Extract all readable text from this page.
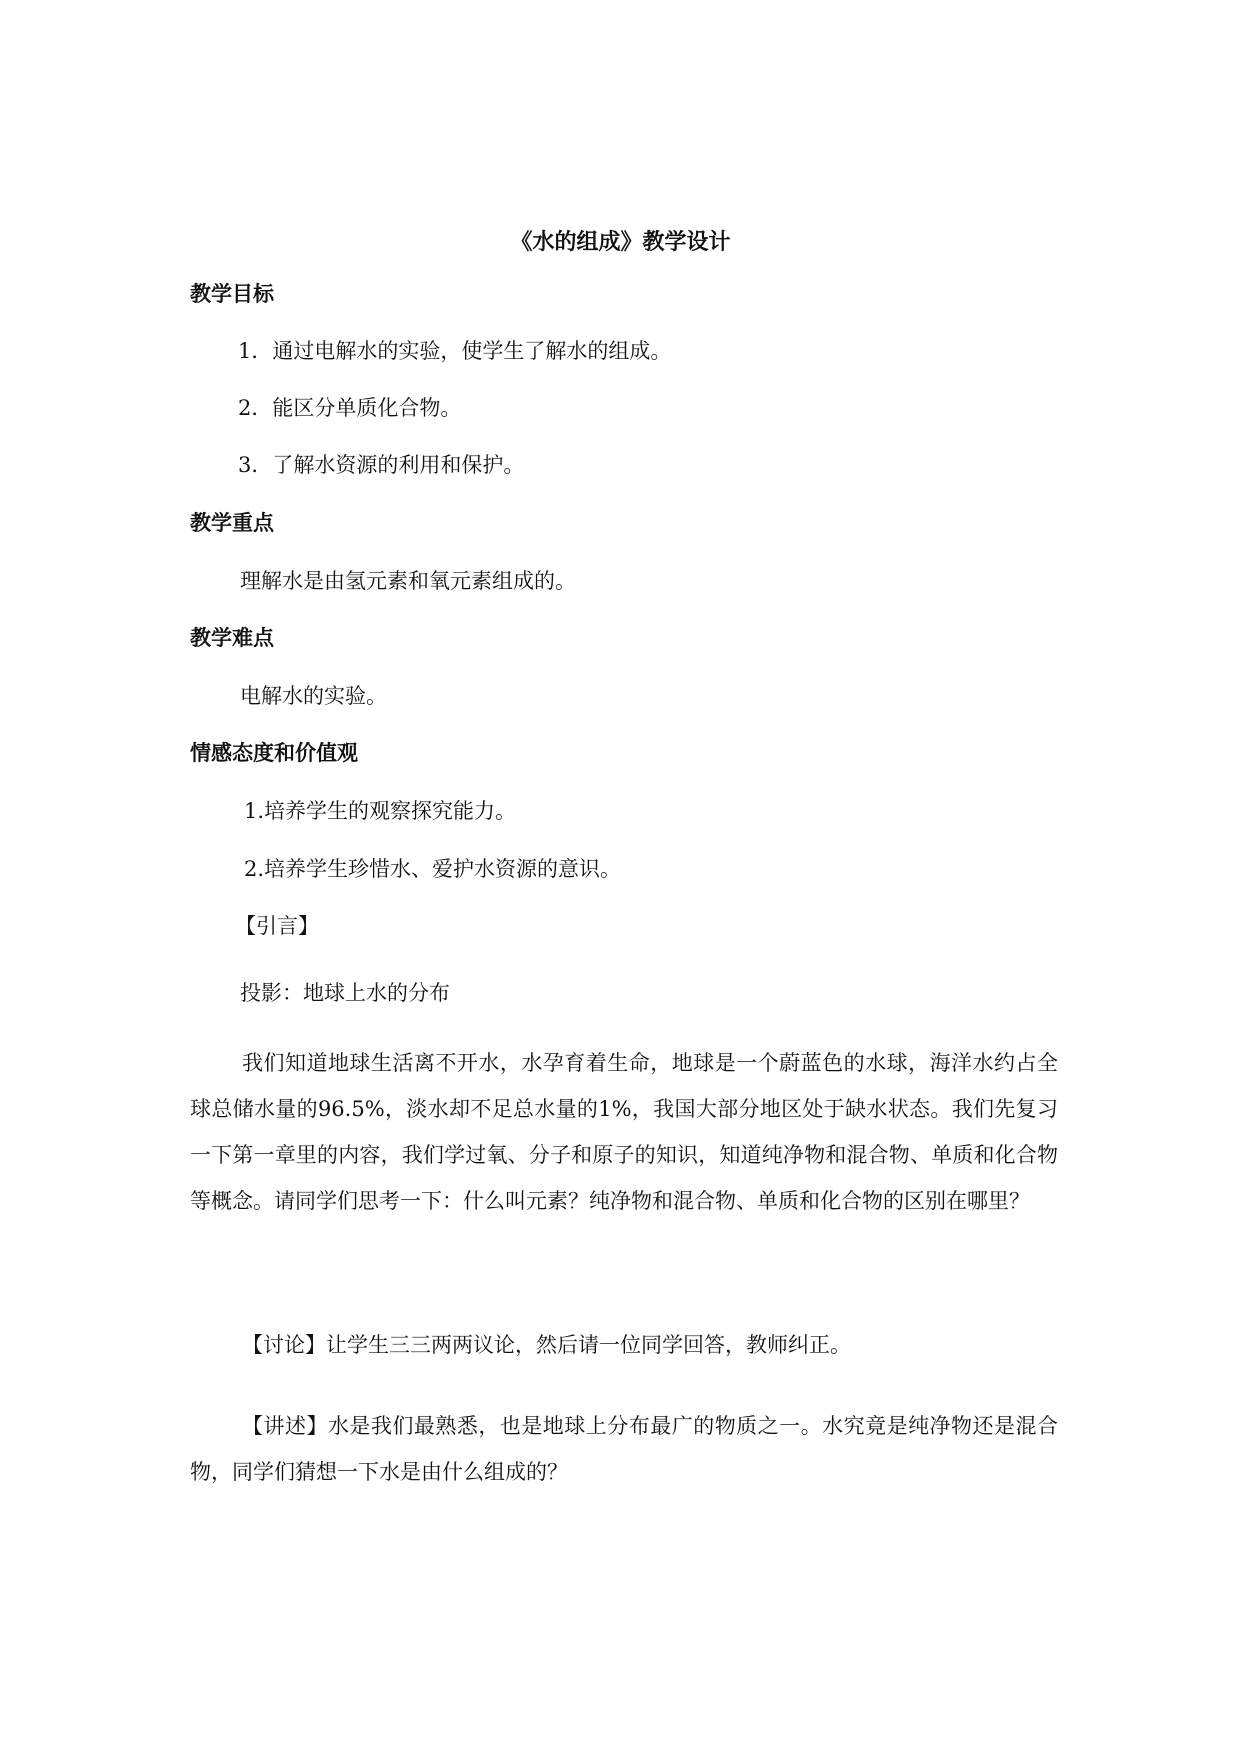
《水的组成》教学设计
教学目标

1．通过电解水的实验，使学生了解水的组成。

2．能区分单质化合物。

3．了解水资源的利用和保护。

教学重点

理解水是由氢元素和氧元素组成的。

教学难点

电解水的实验。

情感态度和价值观

1.培养学生的观察探究能力。

2.培养学生珍惜水、爱护水资源的意识。

【引言】

投影：地球上水的分布

我们知道地球生活离不开水，水孕育着生命，地球是一个蔚蓝色的水球，海洋水约占全球总储水量的96.5%，淡水却不足总水量的1%，我国大部分地区处于缺水状态。我们先复习一下第一章里的内容，我们学过氧、分子和原子的知识，知道纯净物和混合物、单质和化合物等概念。请同学们思考一下：什么叫元素？纯净物和混合物、单质和化合物的区别在哪里？

【讨论】让学生三三两两议论，然后请一位同学回答，教师纠正。

【讲述】水是我们最熟悉，也是地球上分布最广的物质之一。水究竟是纯净物还是混合物，同学们猜想一下水是由什么组成的？
